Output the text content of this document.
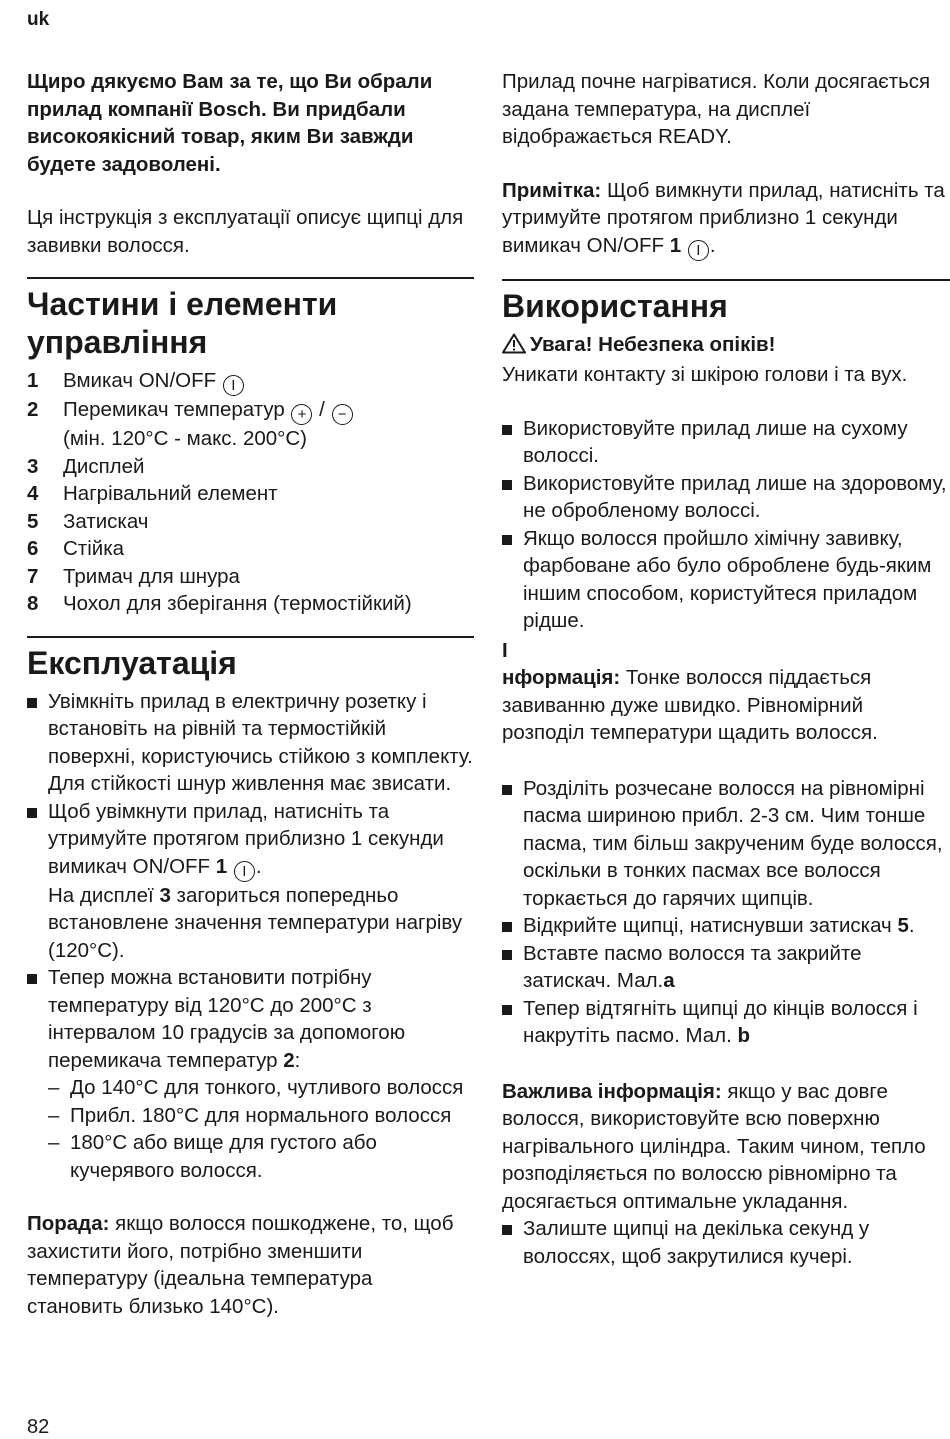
uk

Щиро дякуємо Вам за те, що Ви обрали прилад компанії Bosch. Ви придбали високоякісний товар, яким Ви завжди будете задоволені.

Ця інструкція з експлуатації описує щипці для завивки волосся.

Частини і елементи управління
1 Вмикач ON/OFF I
2 Перемикач температур + / −
(мін. 120°C - макс. 200°C)
3 Дисплей
4 Нагрівальний елемент
5 Затискач
6 Стійка
7 Тримач для шнура
8 Чохол для зберігання (термостійкий)
Експлуатація
Увімкніть прилад в електричну розетку і встановіть на рівній та термостійкій поверхні, користуючись стійкою з комплекту. Для стійкості шнур живлення має звисати.
Щоб увімкнути прилад, натисніть та утримуйте протягом приблизно 1 секунди вимикач ON/OFF 1 I .
На дисплеї 3 загориться попередньо встановлене значення температури нагріву (120°C).
Тепер можна встановити потрібну температуру від 120°C до 200°C з інтервалом 10 градусів за допомогою перемикача температур 2:
– До 140°C для тонкого, чутливого волосся
– Прибл. 180°C для нормального волосся
– 180°C або вище для густого або кучерявого волосся.

Порада: якщо волосся пошкоджене, то, щоб захистити його, потрібно зменшити температуру (ідеальна температура становить близько 140°C).

Прилад почне нагріватися. Коли досягається задана температура, на дисплеї відображається READY.

Примітка: Щоб вимкнути прилад, натисніть та утримуйте протягом приблизно 1 секунди вимикач ON/OFF 1 I .

Використання

Увага! Небезпека опіків!

Уникати контакту зі шкірою голови і та вух.

Використовуйте прилад лише на сухому волоссі.
Використовуйте прилад лише на здоровому, не обробленому волоссі.
Якщо волосся пройшло хімічну завивку, фарбоване або було оброблене будь-яким іншим способом, користуйтеся приладом рідше.

І

нформація: Тонке волосся піддається завиванню дуже швидко. Рівномірний розподіл температури щадить волосся.

Розділіть розчесане волосся на рівномірні пасма шириною прибл. 2-3 см. Чим тонше пасма, тим більш закрученим буде волосся, оскільки в тонких пасмах все волосся торкається до гарячих щипців.
Відкрийте щипці, натиснувши затискач 5.
Вставте пасмо волосся та закрийте затискач. Мал.a
Тепер відтягніть щипці до кінців волосся і накрутіть пасмо. Мал. b

Важлива інформація: якщо у вас довге волосся, використовуйте всю поверхню нагрівального циліндра. Таким чином, тепло розподіляється по волоссю рівномірно та досягається оптимальне укладання.

Залиште щипці на декілька секунд у волоссях, щоб закрутилися кучері.
82
